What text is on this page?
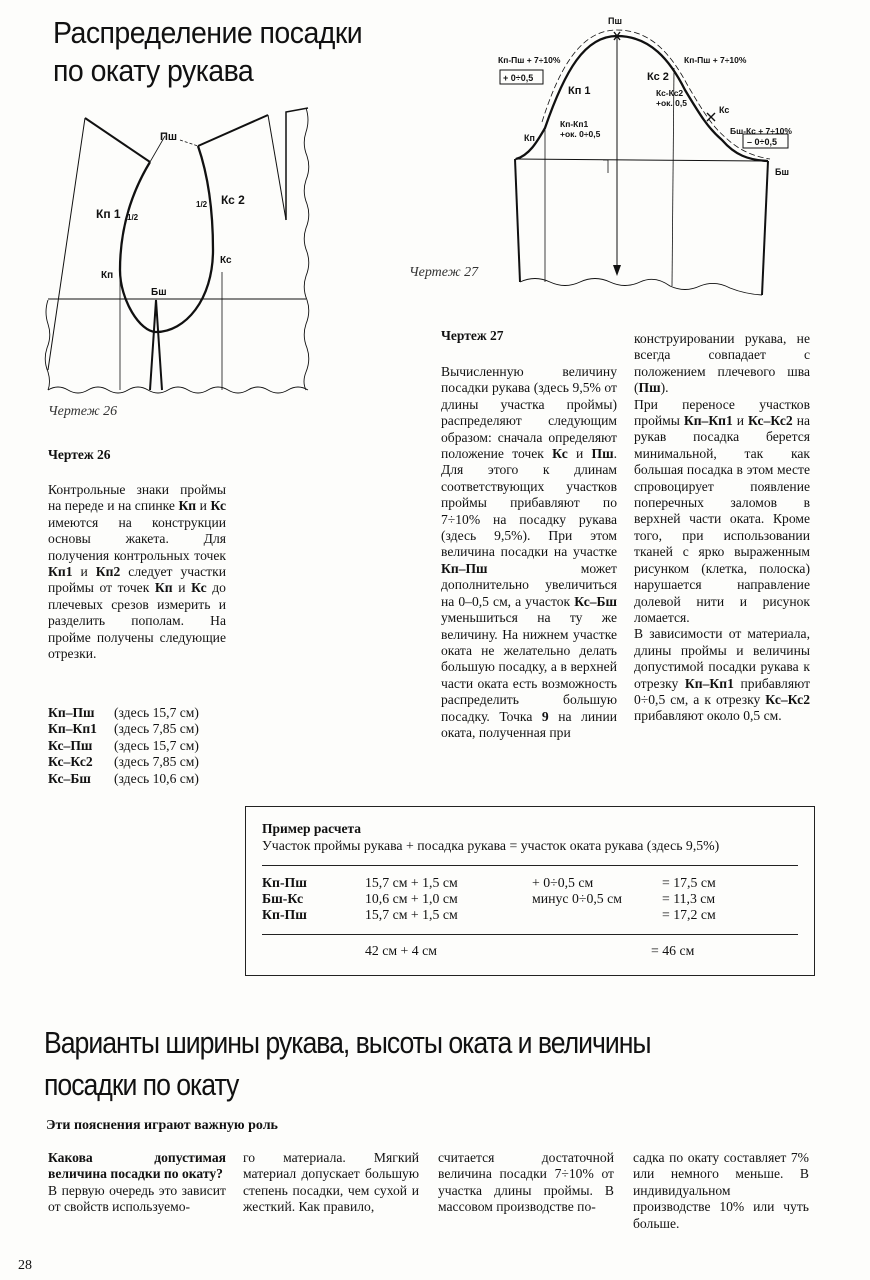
Распределение посадки
по окату рукава
Пш
Кп 1 1/2
1/2 Кс 2
Кс
Кп
Бш
Чертеж 26
Пш
Кп-Пш + 7÷10%
+ 0÷0,5
Кп 1
Кп-Кп1
+ок. 0÷0,5
Кп
Кп-Пш + 7÷10%
Кс 2
Кс-Кс2
+ок. 0,5
Кс
Бш-Кс + 7÷10%
– 0÷0,5
Бш
Чертеж 27
Чертеж 26

Контрольные знаки проймы на переде и на спинке Кп и Кс имеются на конструкции основы жакета. Для получения контрольных точек Кп1 и Кп2 следует участки проймы от точек Кп и Кс до плечевых срезов измерить и разделить пополам. На пройме получены следующие отрезки.

Кп–Пш (здесь 15,7 см)
Кп–Кп1 (здесь 7,85 см)
Кс–Пш (здесь 15,7 см)
Кс–Кс2 (здесь 7,85 см)
Кс–Бш (здесь 10,6 см)
Чертеж 27

Вычисленную величину посадки рукава (здесь 9,5% от длины участка проймы) распределяют следующим образом: сначала определяют положение точек Кс и Пш. Для этого к длинам соответствующих участков проймы прибавляют по 7÷10% на посадку рукава (здесь 9,5%). При этом величина посадки на участке Кп–Пш может дополнительно увеличиться на 0–0,5 см, а участок Кс–Бш уменьшиться на ту же величину. На нижнем участке оката не желательно делать большую посадку, а в верхней части оката есть возможность распределить большую посадку. Точка 9 на линии оката, полученная при

конструировании рукава, не всегда совпадает с положением плечевого шва (Пш).

При переносе участков проймы Кп–Кп1 и Кс–Кс2 на рукав посадка берется минимальной, так как большая посадка в этом месте спровоцирует появление поперечных заломов в верхней части оката. Кроме того, при использовании тканей с ярко выраженным рисунком (клетка, полоска) нарушается направление долевой нити и рисунок ломается.

В зависимости от материала, длины проймы и величины допустимой посадки рукава к отрезку Кп–Кп1 прибавляют 0÷0,5 см, а к отрезку Кс–Кс2 прибавляют около 0,5 см.

Пример расчета
Участок проймы рукава + посадка рукава = участок оката рукава (здесь 9,5%)
Кп-Пш	15,7 см + 1,5 см	+ 0÷0,5 см	= 17,5 см
Бш-Кс	10,6 см + 1,0 см	минус 0÷0,5 см	= 11,3 см
Кп-Пш	15,7 см + 1,5 см		= 17,2 см
42 см + 4 см	= 46 см
Варианты ширины рукава, высоты оката и величины
посадки по окату
Эти пояснения играют важную роль

Какова допустимая величина посадки по окату?

В первую очередь это зависит от свойств используемо-

го материала. Мягкий материал допускает большую степень посадки, чем сухой и жесткий. Как правило,

считается достаточной величина посадки 7÷10% от участка длины проймы. В массовом производстве по-

садка по окату составляет 7% или немного меньше. В индивидуальном производстве 10% или чуть больше.

28
